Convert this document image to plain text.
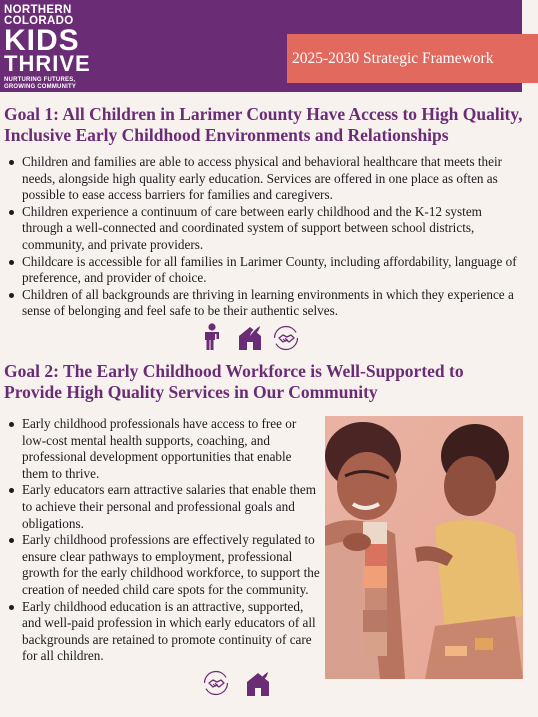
NORTHERN
COLORADO
KIDS
THRIVE
NURTURING FUTURES,
GROWING COMMUNITY
2025-2030 Strategic Framework
Goal 1: All Children in Larimer County Have Access to High Quality, Inclusive Early Childhood Environments and Relationships
Children and families are able to access physical and behavioral healthcare that meets their needs, alongside high quality early education. Services are offered in one place as often as possible to ease access barriers for families and caregivers.
Children experience a continuum of care between early childhood and the K-12 system through a well-connected and coordinated system of support between school districts, community, and private providers.
Childcare is accessible for all families in Larimer County, including affordability, language of preference, and provider of choice.
Children of all backgrounds are thriving in learning environments in which they experience a sense of belonging and feel safe to be their authentic selves.
Goal 2: The Early Childhood Workforce is Well-Supported to Provide High Quality Services in Our Community
Early childhood professionals have access to free or low-cost mental health supports, coaching, and professional development opportunities that enable them to thrive.
Early educators earn attractive salaries that enable them to achieve their personal and professional goals and obligations.
Early childhood professions are effectively regulated to ensure clear pathways to employment, professional growth for the early childhood workforce, to support the creation of needed child care spots for the community.
Early childhood education is an attractive, supported, and well-paid profession in which early educators of all backgrounds are retained to promote continuity of care for all children.
